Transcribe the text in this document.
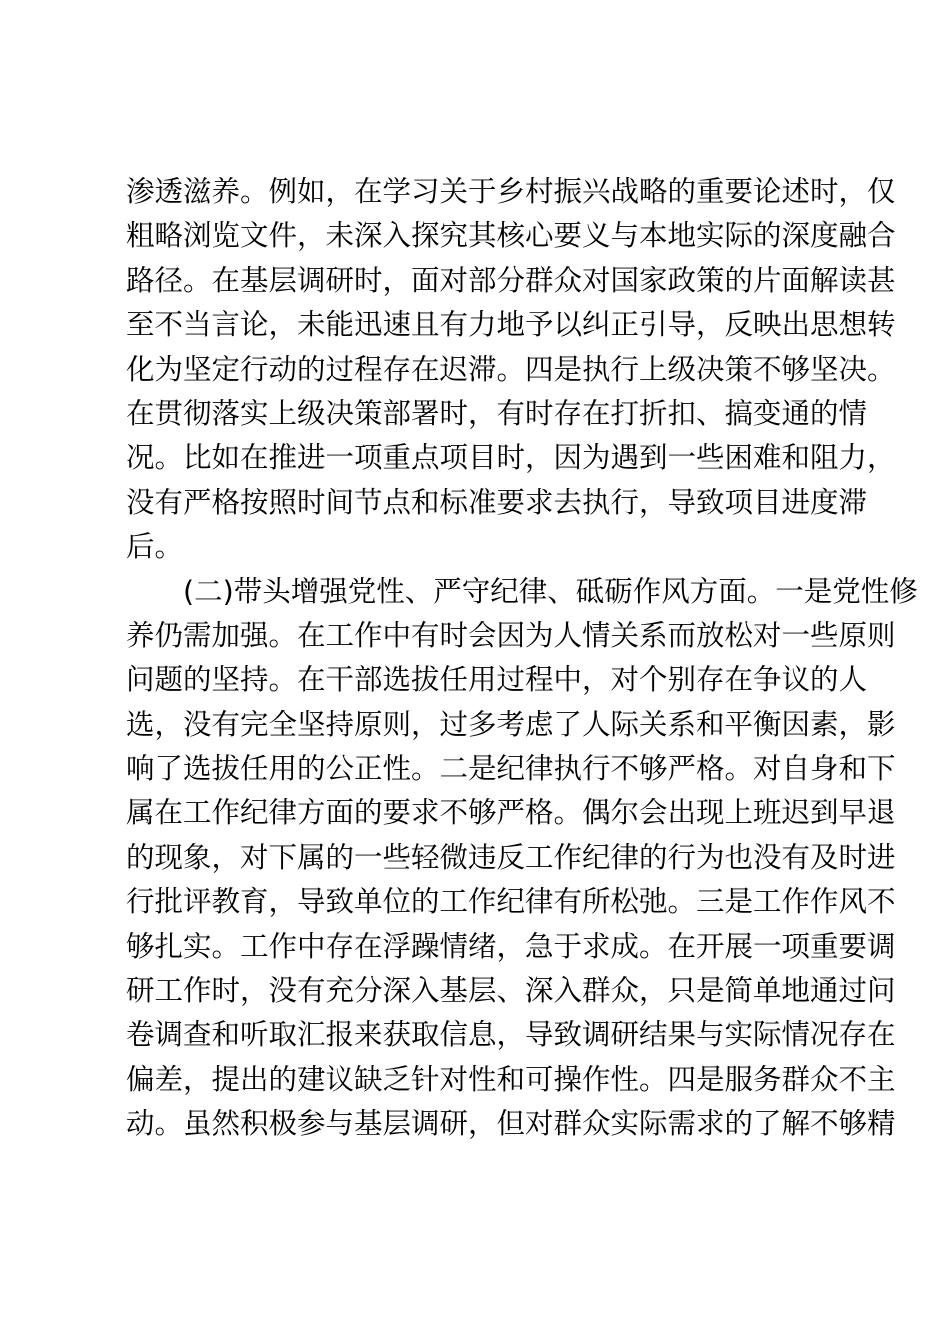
渗透滋养。例如，在学习关于乡村振兴战略的重要论述时，仅
粗略浏览文件，未深入探究其核心要义与本地实际的深度融合
路径。在基层调研时，面对部分群众对国家政策的片面解读甚
至不当言论，未能迅速且有力地予以纠正引导，反映出思想转
化为坚定行动的过程存在迟滞。四是执行上级决策不够坚决。
在贯彻落实上级决策部署时，有时存在打折扣、搞变通的情
况。比如在推进一项重点项目时，因为遇到一些困难和阻力，
没有严格按照时间节点和标准要求去执行，导致项目进度滞
后。
　　(二)带头增强党性、严守纪律、砥砺作风方面。一是党性修
养仍需加强。在工作中有时会因为人情关系而放松对一些原则
问题的坚持。在干部选拔任用过程中，对个别存在争议的人
选，没有完全坚持原则，过多考虑了人际关系和平衡因素，影
响了选拔任用的公正性。二是纪律执行不够严格。对自身和下
属在工作纪律方面的要求不够严格。偶尔会出现上班迟到早退
的现象，对下属的一些轻微违反工作纪律的行为也没有及时进
行批评教育，导致单位的工作纪律有所松弛。三是工作作风不
够扎实。工作中存在浮躁情绪，急于求成。在开展一项重要调
研工作时，没有充分深入基层、深入群众，只是简单地通过问
卷调查和听取汇报来获取信息，导致调研结果与实际情况存在
偏差，提出的建议缺乏针对性和可操作性。四是服务群众不主
动。虽然积极参与基层调研，但对群众实际需求的了解不够精
